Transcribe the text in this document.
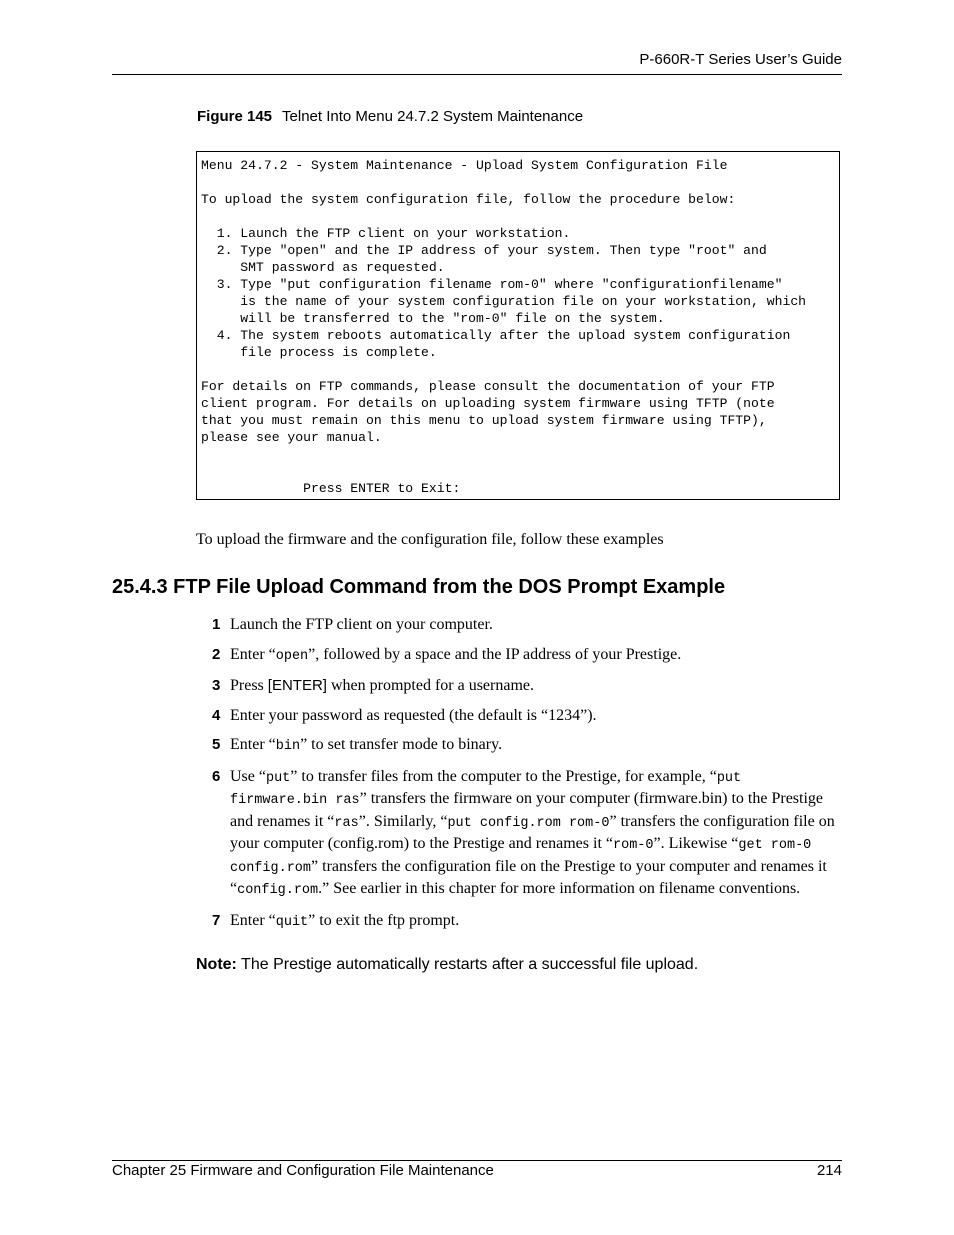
P-660R-T Series User’s Guide
Figure 145 Telnet Into Menu 24.7.2 System Maintenance
Menu 24.7.2 - System Maintenance - Upload System Configuration File

To upload the system configuration file, follow the procedure below:

1. Launch the FTP client on your workstation.
2. Type "open" and the IP address of your system. Then type "root" and
SMT password as requested.
3. Type "put configuration filename rom-0" where "configurationfilename"
is the name of your system configuration file on your workstation, which
will be transferred to the "rom-0" file on the system.
4. The system reboots automatically after the upload system configuration
file process is complete.

For details on FTP commands, please consult the documentation of your FTP
client program. For details on uploading system firmware using TFTP (note
that you must remain on this menu to upload system firmware using TFTP),
please see your manual.

Press ENTER to Exit:
To upload the firmware and the configuration file, follow these examples
25.4.3 FTP File Upload Command from the DOS Prompt Example
1 Launch the FTP client on your computer.
2 Enter “open”, followed by a space and the IP address of your Prestige.
3 Press [ENTER] when prompted for a username.
4 Enter your password as requested (the default is “1234”).
5 Enter “bin” to set transfer mode to binary.
6 Use “put” to transfer files from the computer to the Prestige, for example, “put firmware.bin ras” transfers the firmware on your computer (firmware.bin) to the Prestige and renames it “ras”. Similarly, “put config.rom rom-0” transfers the configuration file on your computer (config.rom) to the Prestige and renames it “rom-0”. Likewise “get rom-0 config.rom” transfers the configuration file on the Prestige to your computer and renames it “config.rom.” See earlier in this chapter for more information on filename conventions.
7 Enter “quit” to exit the ftp prompt.
Note: The Prestige automatically restarts after a successful file upload.
Chapter 25 Firmware and Configuration File Maintenance	214
